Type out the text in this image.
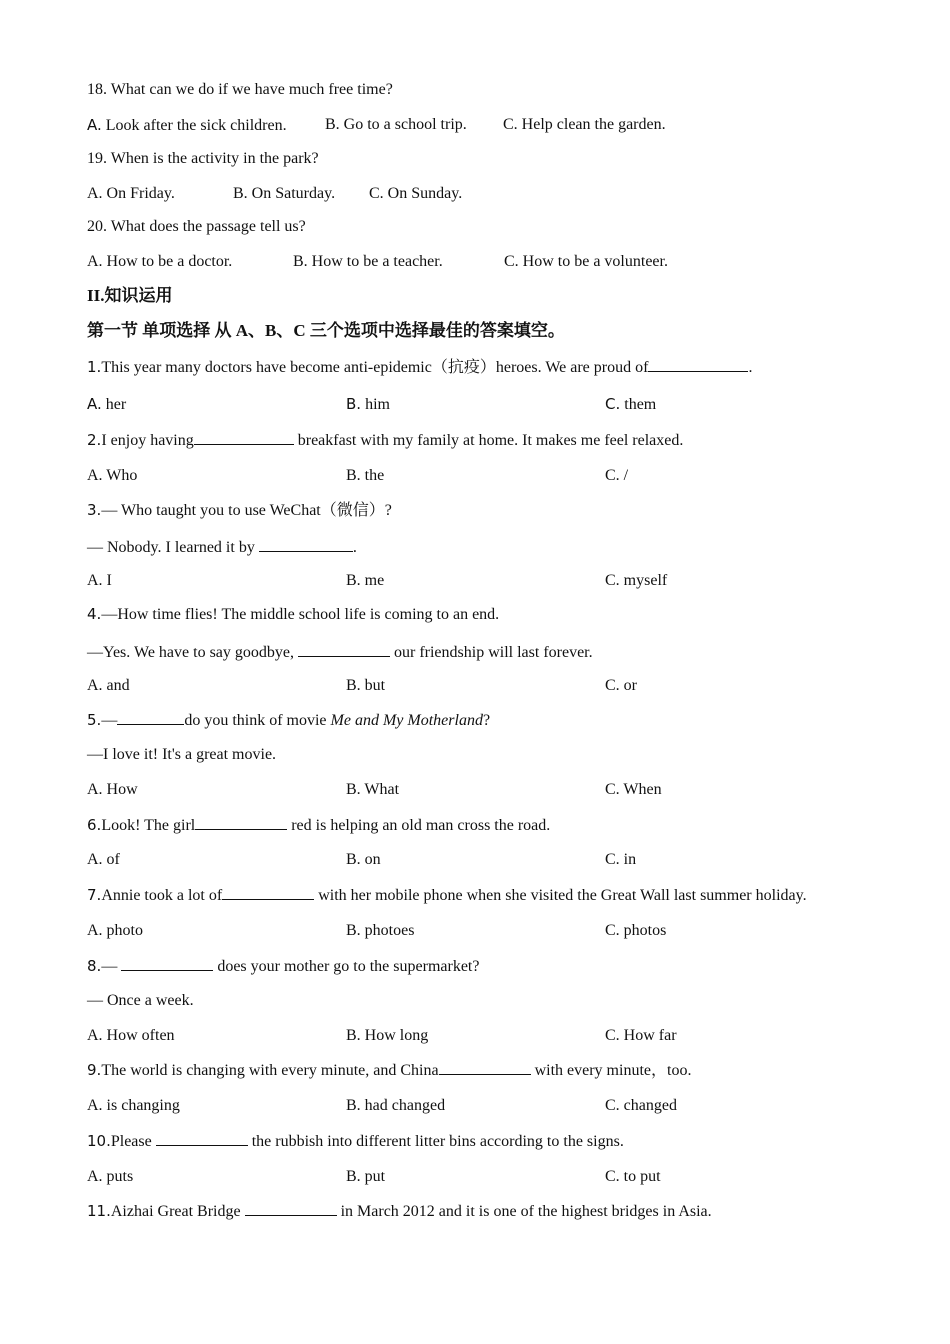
18. What can we do if we have much free time?
A. Look after the sick children. B. Go to a school trip. C. Help clean the garden.
19. When is the activity in the park?
A. On Friday.	B. On Saturday. C. On Sunday.
20. What does the passage tell us?
A. How to be a doctor.	B. How to be a teacher.	C. How to be a volunteer.
II.知识运用
第一节 单项选择 从 A、B、C 三个选项中选择最佳的答案填空。
1.This year many doctors have become anti-epidemic（抗疫）heroes. We are proud of	.
A. her	B. him	C. them
2.I enjoy having	breakfast with my family at home. It makes me feel relaxed.
A. Who	B. the	C. /
3.— Who taught you to use WeChat（微信）?
— Nobody. I learned it by	.
A. I	B. me	C. myself
4.—How time flies! The middle school life is coming to an end.
—Yes. We have to say goodbye,	our friendship will last forever.
A. and	B. but	C. or
5.—	do you think of movie Me and My Motherland?
—I love it! It's a great movie.
A. How	B. What	C. When
6.Look! The girl	red is helping an old man cross the road.
A. of	B. on	C. in
7.Annie took a lot of	with her mobile phone when she visited the Great Wall last summer holiday.
A. photo	B. photoes	C. photos
8.—	does your mother go to the supermarket?
— Once a week.
A. How often	B. How long	C. How far
9.The world is changing with every minute, and China	with every minute，too.
A. is changing	B. had changed	C. changed
10.Please	the rubbish into different litter bins according to the signs.
A. puts	B. put	C. to put
11.Aizhai Great Bridge	in March 2012 and it is one of the highest bridges in Asia.
